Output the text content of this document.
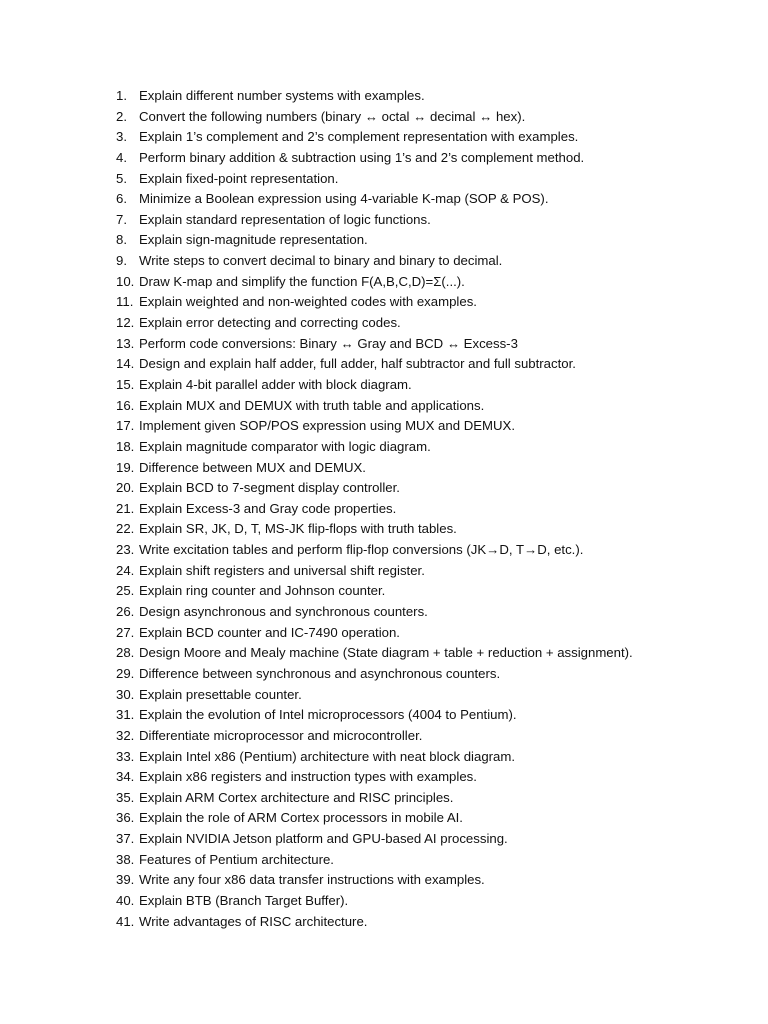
1. Explain different number systems with examples.
2. Convert the following numbers (binary ↔ octal ↔ decimal ↔ hex).
3. Explain 1’s complement and 2’s complement representation with examples.
4. Perform binary addition & subtraction using 1’s and 2’s complement method.
5. Explain fixed-point representation.
6. Minimize a Boolean expression using 4-variable K-map (SOP & POS).
7. Explain standard representation of logic functions.
8. Explain sign-magnitude representation.
9. Write steps to convert decimal to binary and binary to decimal.
10. Draw K-map and simplify the function F(A,B,C,D)=Σ(...).
11. Explain weighted and non-weighted codes with examples.
12. Explain error detecting and correcting codes.
13. Perform code conversions: Binary ↔ Gray and BCD ↔ Excess-3
14. Design and explain half adder, full adder, half subtractor and full subtractor.
15. Explain 4-bit parallel adder with block diagram.
16. Explain MUX and DEMUX with truth table and applications.
17. Implement given SOP/POS expression using MUX and DEMUX.
18. Explain magnitude comparator with logic diagram.
19. Difference between MUX and DEMUX.
20. Explain BCD to 7-segment display controller.
21. Explain Excess-3 and Gray code properties.
22. Explain SR, JK, D, T, MS-JK flip-flops with truth tables.
23. Write excitation tables and perform flip-flop conversions (JK→D, T→D, etc.).
24. Explain shift registers and universal shift register.
25. Explain ring counter and Johnson counter.
26. Design asynchronous and synchronous counters.
27. Explain BCD counter and IC-7490 operation.
28. Design Moore and Mealy machine (State diagram + table + reduction + assignment).
29. Difference between synchronous and asynchronous counters.
30. Explain presettable counter.
31. Explain the evolution of Intel microprocessors (4004 to Pentium).
32. Differentiate microprocessor and microcontroller.
33. Explain Intel x86 (Pentium) architecture with neat block diagram.
34. Explain x86 registers and instruction types with examples.
35. Explain ARM Cortex architecture and RISC principles.
36. Explain the role of ARM Cortex processors in mobile AI.
37. Explain NVIDIA Jetson platform and GPU-based AI processing.
38. Features of Pentium architecture.
39. Write any four x86 data transfer instructions with examples.
40. Explain BTB (Branch Target Buffer).
41. Write advantages of RISC architecture.
